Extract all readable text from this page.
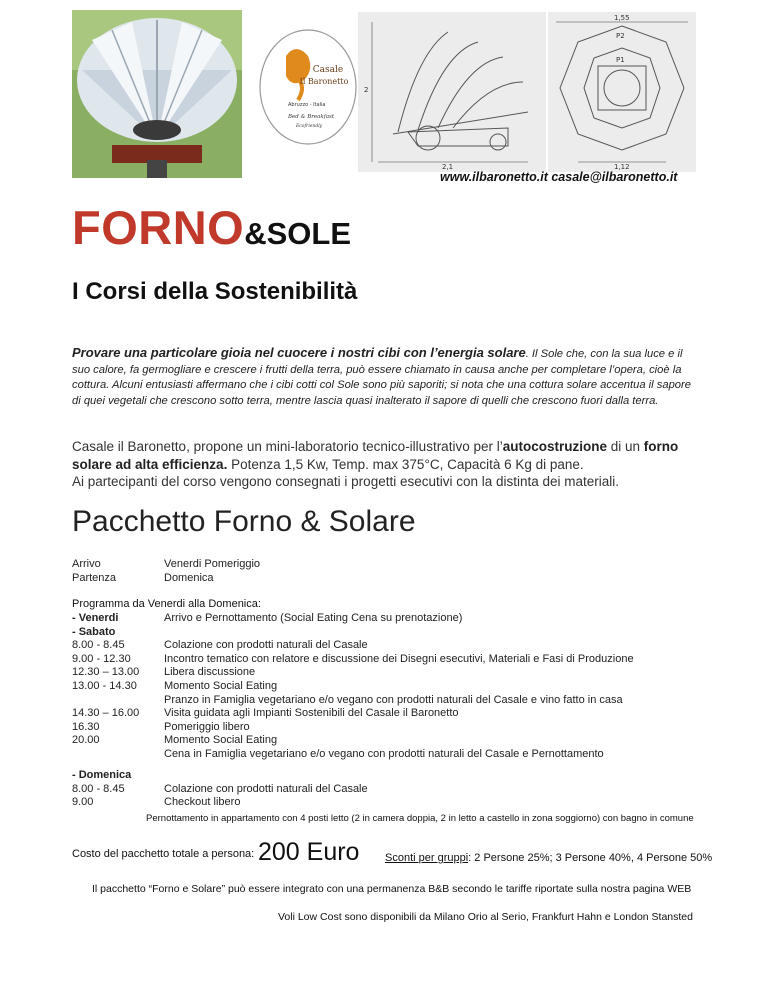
Casale
Il Baronetto
Abruzzo - Italia
Bed & Breakfast
Ecofriendly
2
2,1
1,55
P2
P1
1,12
www.ilbaronetto.it casale@ilbaronetto.it
FORNO&SOLE
I Corsi della Sostenibilità
Provare una particolare gioia nel cuocere i nostri cibi con l’energia solare. Il Sole che, con la sua luce e il suo calore, fa germogliare e crescere i frutti della terra, può essere chiamato in causa anche per completare l’opera, cioè la cottura. Alcuni entusiasti affermano che i cibi cotti col Sole sono più saporiti; si nota che una cottura solare accentua il sapore di quei vegetali che crescono sotto terra, mentre lascia quasi inalterato il sapore di quelli che crescono fuori dalla terra.
Casale il Baronetto, propone un mini-laboratorio tecnico-illustrativo per l’autocostruzione di un forno solare ad alta efficienza. Potenza 1,5 Kw, Temp. max 375°C, Capacità 6 Kg di pane.
Ai partecipanti del corso vengono consegnati i progetti esecutivi con la distinta dei materiali.
Pacchetto Forno & Solare
Arrivo	Venerdi Pomeriggio
Partenza	Domenica
Programma da Venerdi alla Domenica:
- Venerdi	Arrivo e Pernottamento (Social Eating Cena su prenotazione)
- Sabato
8.00 - 8.45	Colazione con prodotti naturali del Casale
9.00 - 12.30	Incontro tematico con relatore e discussione dei Disegni esecutivi, Materiali e Fasi di Produzione
12.30 – 13.00	Libera discussione
13.00 - 14.30	Momento Social Eating
Pranzo in Famiglia vegetariano e/o vegano con prodotti naturali del Casale e vino fatto in casa
14.30 – 16.00	Visita guidata agli Impianti Sostenibili del Casale il Baronetto
16.30	Pomeriggio libero
20.00	Momento Social Eating
Cena in Famiglia vegetariano e/o vegano con prodotti naturali del Casale e Pernottamento
- Domenica
8.00 - 8.45	Colazione con prodotti naturali del Casale
9.00	Checkout libero
Pernottamento in appartamento con 4 posti letto (2 in camera doppia, 2 in letto a castello in zona soggiorno) con bagno in comune
Costo del pacchetto totale a persona: 200 Euro Sconti per gruppi: 2 Persone 25%; 3 Persone 40%, 4 Persone 50%
Il pacchetto “Forno e Solare” può essere integrato con una permanenza B&B secondo le tariffe riportate sulla nostra pagina WEB
Voli Low Cost sono disponibili da Milano Orio al Serio, Frankfurt Hahn e London Stansted
